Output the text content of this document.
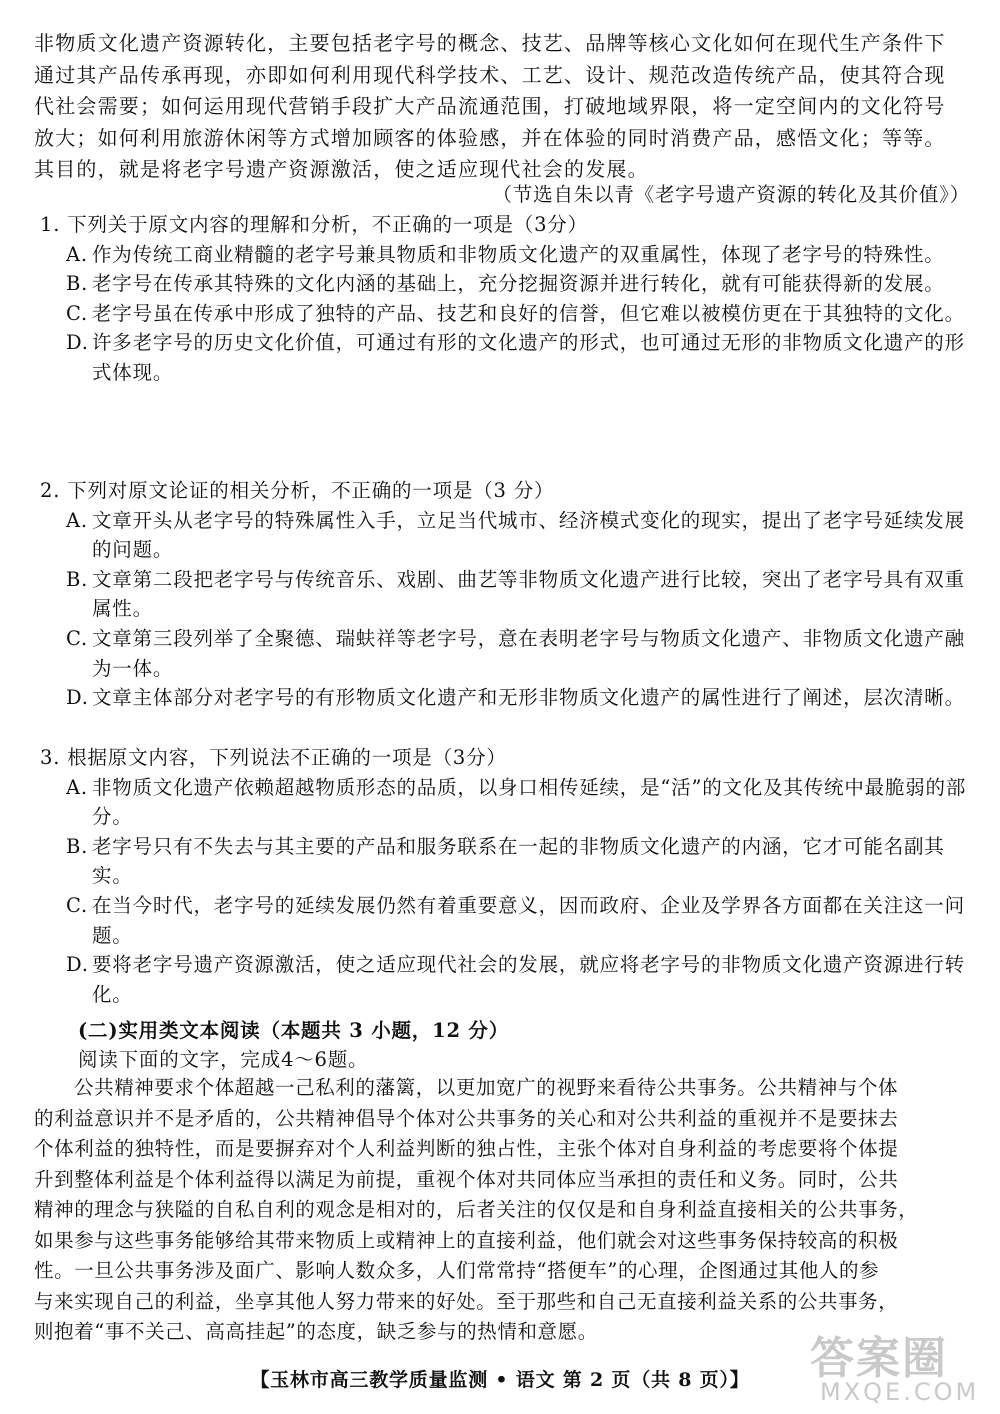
非物质文化遗产资源转化，主要包括老字号的概念、技艺、品牌等核心文化如何在现代生产条件下
通过其产品传承再现，亦即如何利用现代科学技术、工艺、设计、规范改造传统产品，使其符合现
代社会需要；如何运用现代营销手段扩大产品流通范围，打破地域界限，将一定空间内的文化符号
放大；如何利用旅游休闲等方式增加顾客的体验感，并在体验的同时消费产品，感悟文化；等等。
其目的，就是将老字号遗产资源激活，使之适应现代社会的发展。

（节选自朱以青《老字号遗产资源的转化及其价值》）

1. 下列关于原文内容的理解和分析，不正确的一项是（3分）

A. 作为传统工商业精髓的老字号兼具物质和非物质文化遗产的双重属性，体现了老字号的特殊性。

B. 老字号在传承其特殊的文化内涵的基础上，充分挖掘资源并进行转化，就有可能获得新的发展。

C. 老字号虽在传承中形成了独特的产品、技艺和良好的信誉，但它难以被模仿更在于其独特的文化。

D. 许多老字号的历史文化价值，可通过有形的文化遗产的形式，也可通过无形的非物质文化遗产的形式体现。

2. 下列对原文论证的相关分析，不正确的一项是（3 分）

A. 文章开头从老字号的特殊属性入手，立足当代城市、经济模式变化的现实，提出了老字号延续发展的问题。

B. 文章第二段把老字号与传统音乐、戏剧、曲艺等非物质文化遗产进行比较，突出了老字号具有双重属性。

C. 文章第三段列举了全聚德、瑞蚨祥等老字号，意在表明老字号与物质文化遗产、非物质文化遗产融为一体。

D. 文章主体部分对老字号的有形物质文化遗产和无形非物质文化遗产的属性进行了阐述，层次清晰。

3. 根据原文内容，下列说法不正确的一项是（3分）

A. 非物质文化遗产依赖超越物质形态的品质，以身口相传延续，是“活”的文化及其传统中最脆弱的部分。

B. 老字号只有不失去与其主要的产品和服务联系在一起的非物质文化遗产的内涵，它才可能名副其实。

C. 在当今时代，老字号的延续发展仍然有着重要意义，因而政府、企业及学界各方面都在关注这一问题。

D. 要将老字号遗产资源激活，使之适应现代社会的发展，就应将老字号的非物质文化遗产资源进行转化。

(二)实用类文本阅读（本题共 3 小题，12 分）

阅读下面的文字，完成4～6题。

公共精神要求个体超越一己私利的藩篱，以更加宽广的视野来看待公共事务。公共精神与个体
的利益意识并不是矛盾的，公共精神倡导个体对公共事务的关心和对公共利益的重视并不是要抹去
个体利益的独特性，而是要摒弃对个人利益判断的独占性，主张个体对自身利益的考虑要将个体提
升到整体利益是个体利益得以满足为前提，重视个体对共同体应当承担的责任和义务。同时，公共
精神的理念与狭隘的自私自利的观念是相对的，后者关注的仅仅是和自身利益直接相关的公共事务，
如果参与这些事务能够给其带来物质上或精神上的直接利益，他们就会对这些事务保持较高的积极
性。一旦公共事务涉及面广、影响人数众多，人们常常持“搭便车”的心理，企图通过其他人的参
与来实现自己的利益，坐享其他人努力带来的好处。至于那些和自己无直接利益关系的公共事务，
则抱着“事不关己、高高挂起”的态度，缺乏参与的热情和意愿。

【玉林市高三教学质量监测 • 语文 第 2 页（共 8 页）】	答案圈
MXQE.COM
